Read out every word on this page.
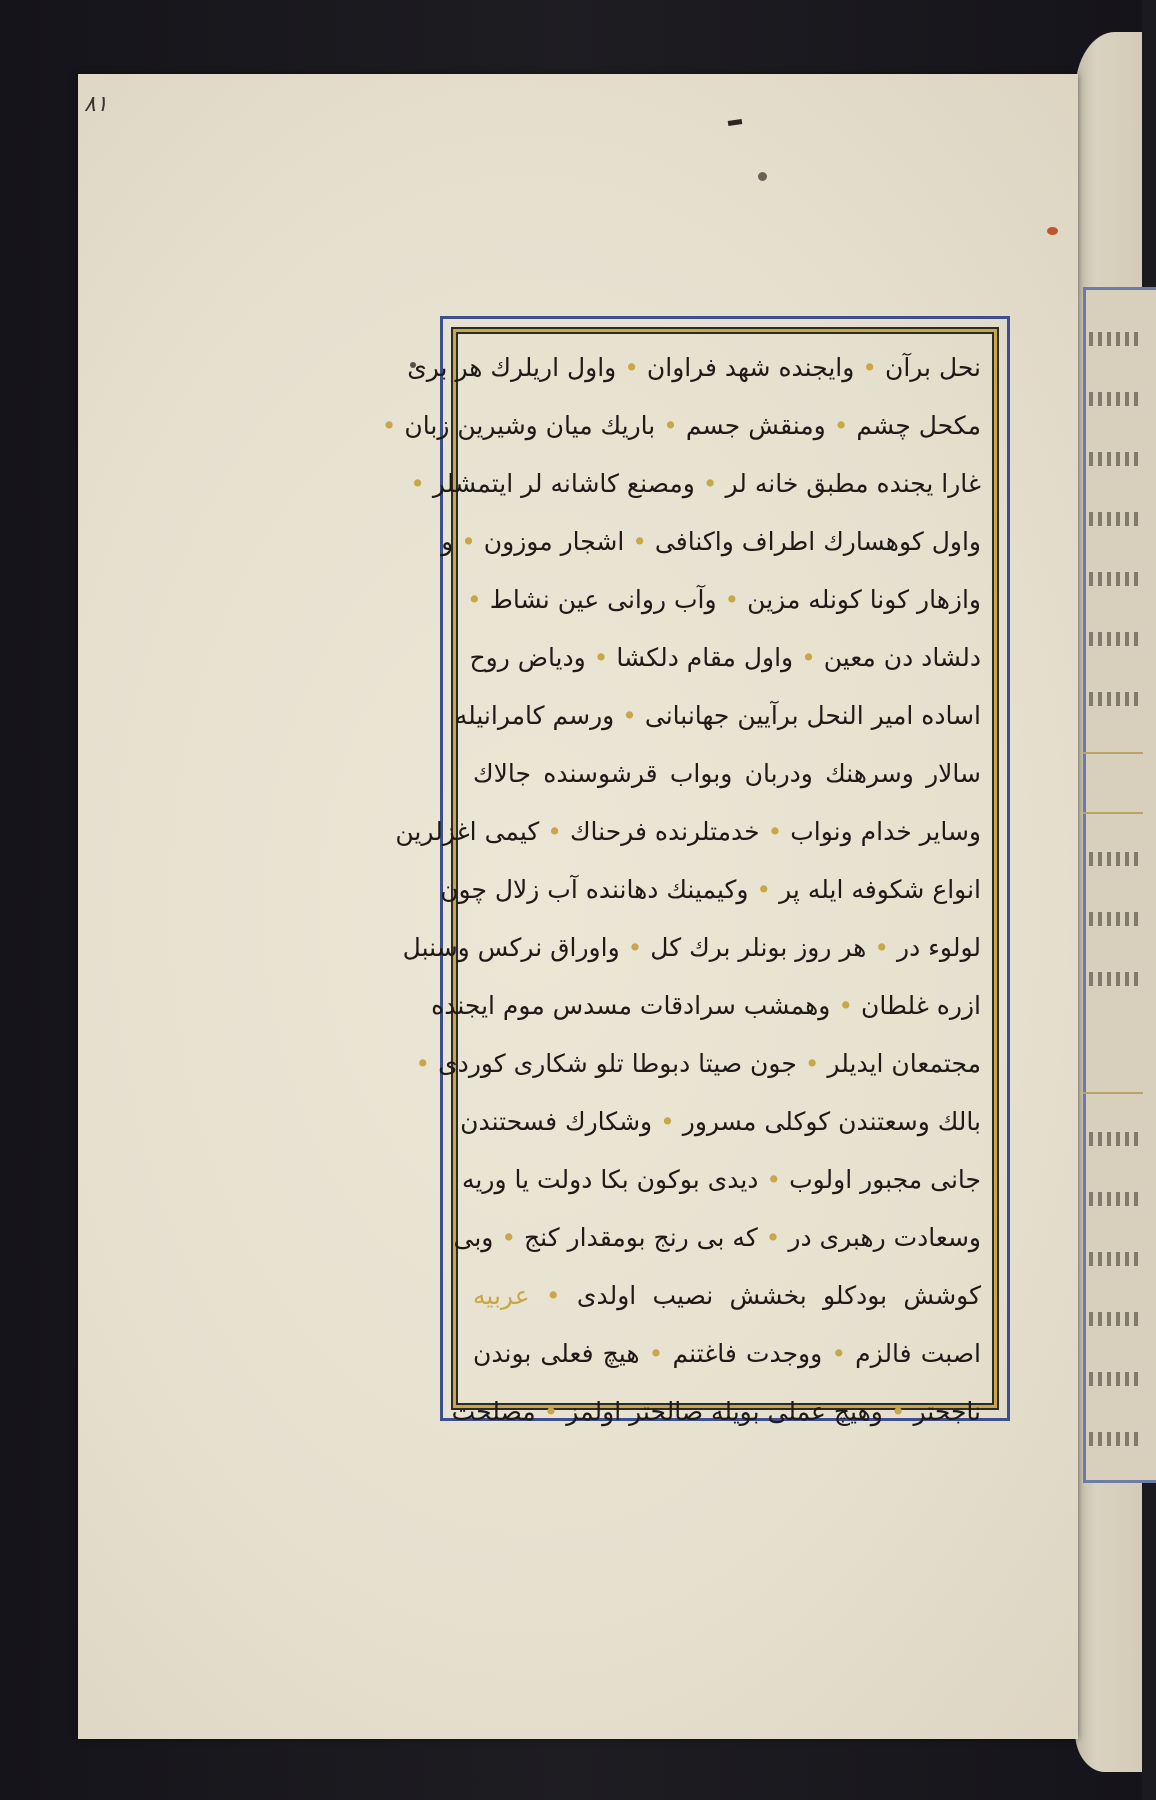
۸۱
نحل برآن • وایجنده شهد فراوان • واول اریلرك هر بری
مکحل چشم • ومنقش جسم • باریك میان وشیرین زبان •
غارا یجنده مطبق خانه لر • ومصنع کاشانه لر ایتمشلر •
واول کوهسارك اطراف واکنافی • اشجار موزون • و
وازهار کونا کونله مزین • وآب روانی عین نشاط •
دلشاد دن معین • واول مقام دلکشا • ودیاض روح
اساده امیر النحل برآیین جهانبانی • ورسم کامرانیله
سالار وسرهنك ودربان وبواب قرشوسنده جالاك
وسایر خدام ونواب • خدمتلرنده فرحناك • کیمی اغزلرین
انواع شکوفه ایله پر • وکیمینك دهاننده آب زلال چون
لولوء در • هر روز بونلر برك کل • واوراق نرکس وسنبل
ازره غلطان • وهمشب سرادقات مسدس موم ایجنده
مجتمعان ایدیلر • جون صیتا دبوطا تلو شکاری کوردی •
بالك وسعتندن کوکلی مسرور • وشکارك فسحتندن
جانی مجبور اولوب • دیدی بوکون بکا دولت یا وریه
وسعادت رهبری در • که بی رنج بومقدار کنج • وبی
کوشش بودکلو بخشش نصیب اولدی • عربیه
اصبت فالزم • ووجدت فاغتنم • هیچ فعلی بوندن
ناجحتر • وهیچ عملی بویله صالحتر اولمز • مصلحت
